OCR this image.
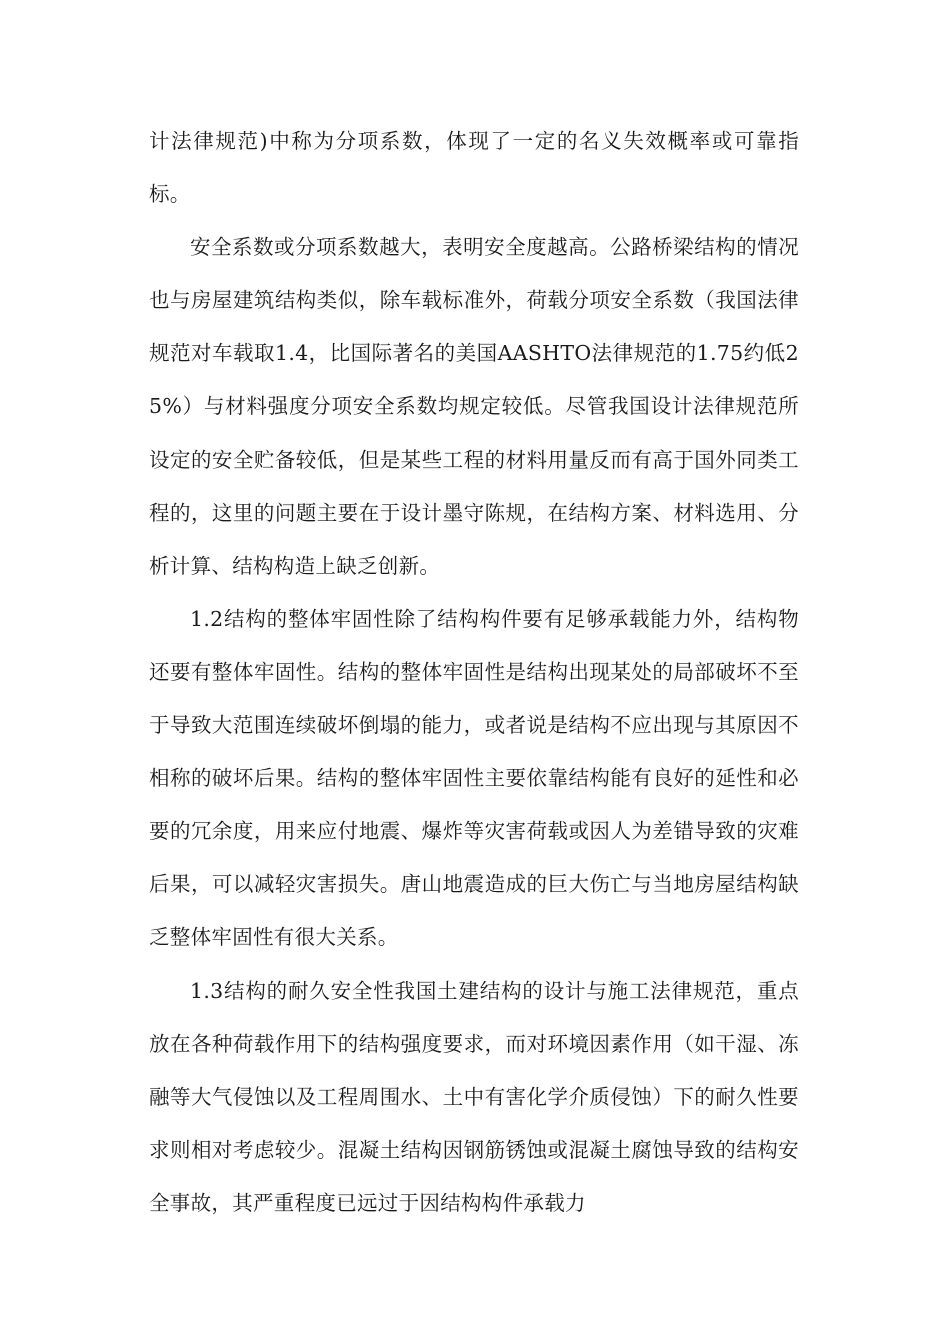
计法律规范)中称为分项系数，体现了一定的名义失效概率或可靠指标。

安全系数或分项系数越大，表明安全度越高。公路桥梁结构的情况也与房屋建筑结构类似，除车载标准外，荷载分项安全系数（我国法律规范对车载取1.4，比国际著名的美国AASHTO法律规范的1.75约低25%）与材料强度分项安全系数均规定较低。尽管我国设计法律规范所设定的安全贮备较低，但是某些工程的材料用量反而有高于国外同类工程的，这里的问题主要在于设计墨守陈规，在结构方案、材料选用、分析计算、结构构造上缺乏创新。

1.2结构的整体牢固性除了结构构件要有足够承载能力外，结构物还要有整体牢固性。结构的整体牢固性是结构出现某处的局部破坏不至于导致大范围连续破坏倒塌的能力，或者说是结构不应出现与其原因不相称的破坏后果。结构的整体牢固性主要依靠结构能有良好的延性和必要的冗余度，用来应付地震、爆炸等灾害荷载或因人为差错导致的灾难后果，可以减轻灾害损失。唐山地震造成的巨大伤亡与当地房屋结构缺乏整体牢固性有很大关系。

1.3结构的耐久安全性我国土建结构的设计与施工法律规范，重点放在各种荷载作用下的结构强度要求，而对环境因素作用（如干湿、冻融等大气侵蚀以及工程周围水、土中有害化学介质侵蚀）下的耐久性要求则相对考虑较少。混凝土结构因钢筋锈蚀或混凝土腐蚀导致的结构安全事故，其严重程度已远过于因结构构件承载力
